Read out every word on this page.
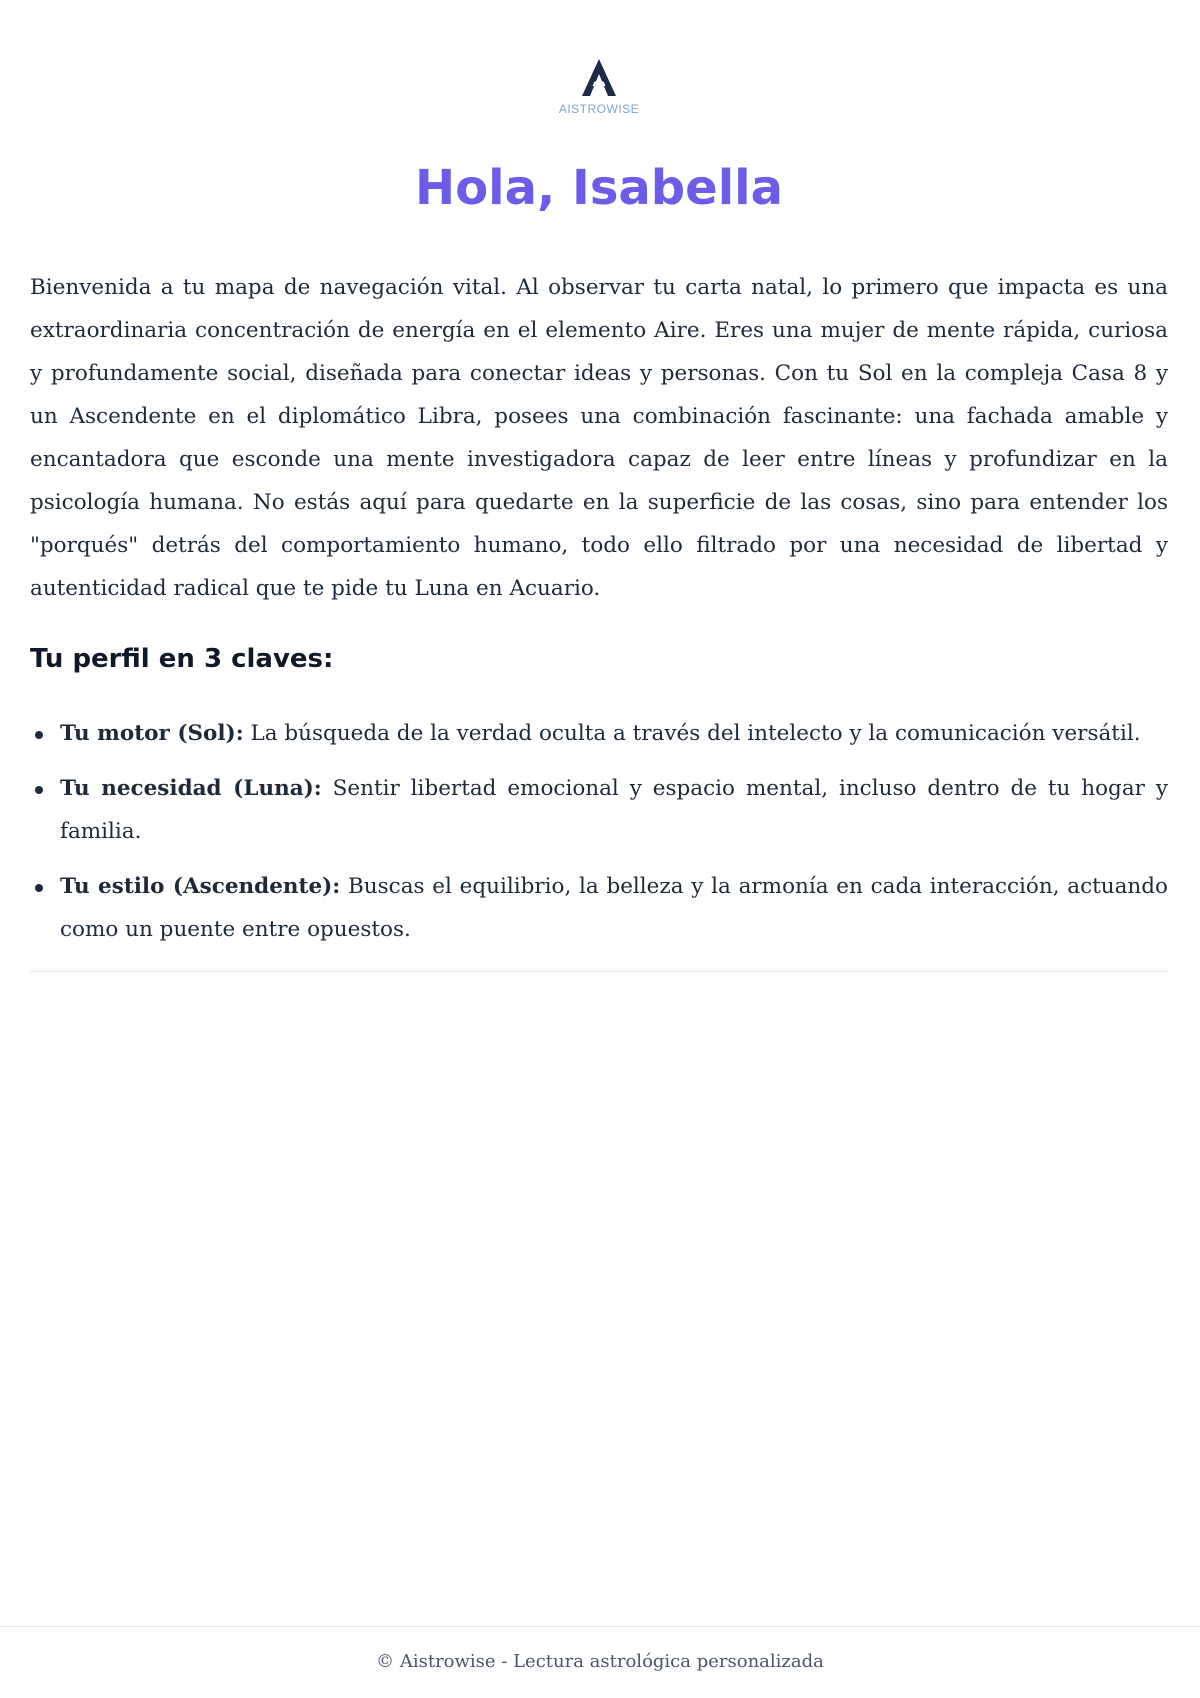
AISTROWISE
Hola, Isabella

Bienvenida a tu mapa de navegación vital. Al observar tu carta natal, lo primero que impacta es una extraordinaria concentración de energía en el elemento Aire. Eres una mujer de mente rápida, curiosa y profundamente social, diseñada para conectar ideas y personas. Con tu Sol en la compleja Casa 8 y un Ascendente en el diplomático Libra, posees una combinación fascinante: una fachada amable y encantadora que esconde una mente investigadora capaz de leer entre líneas y profundizar en la psicología humana. No estás aquí para quedarte en la superficie de las cosas, sino para entender los "porqués" detrás del comportamiento humano, todo ello filtrado por una necesidad de libertad y autenticidad radical que te pide tu Luna en Acuario.

Tu perfil en 3 claves:
Tu motor (Sol): La búsqueda de la verdad oculta a través del intelecto y la comunicación versátil.
Tu necesidad (Luna): Sentir libertad emocional y espacio mental, incluso dentro de tu hogar y familia.
Tu estilo (Ascendente): Buscas el equilibrio, la belleza y la armonía en cada interacción, actuando como un puente entre opuestos.
© Aistrowise - Lectura astrológica personalizada
